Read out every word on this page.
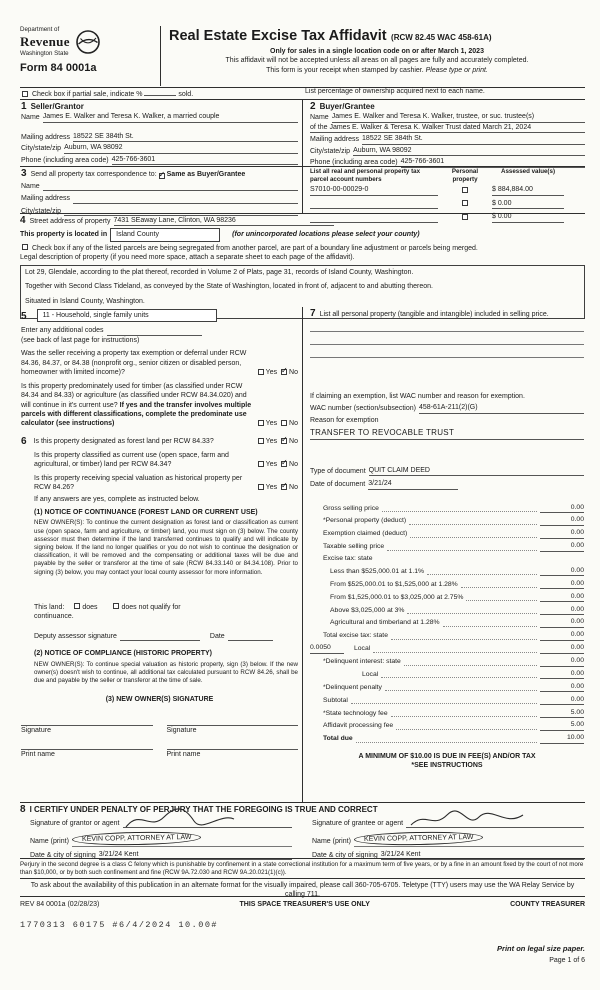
Department of
Revenue
Washington State
Form 84 0001a
Real Estate Excise Tax Affidavit (RCW 82.45 WAC 458-61A)
Only for sales in a single location code on or after March 1, 2023
This affidavit will not be accepted unless all areas on all pages are fully and accurately completed.
This form is your receipt when stamped by cashier. Please type or print.
Check box if partial sale, indicate %	sold.	List percentage of ownership acquired next to each name.
1 Seller/Grantor
Name James E. Walker and Teresa K. Walker, a married couple
Mailing address 18522 SE 384th St.
City/state/zip Auburn, WA 98092
Phone (including area code) 425-766-3601
2 Buyer/Grantee
Name James E. Walker and Teresa K. Walker, trustee, or suc. trustee(s)
of the James E. Walker & Teresa K. Walker Trust dated March 21, 2024
Mailing address 18522 SE 384th St.
City/state/zip Auburn, WA 98092
Phone (including area code) 425-766-3601
3 Send all property tax correspondence to: ✓ Same as Buyer/Grantee
Name
Mailing address
City/state/zip
List all real and personal property tax parcel account numbers
Personal property
Assessed value(s)
S7010-00-00029-0	$ 884,884.00
$ 0.00
$ 0.00
4 Street address of property 7431 SEaway Lane, Clinton, WA 98236
This property is located in	Island County	(for unincorporated locations please select your county)
Check box if any of the listed parcels are being segregated from another parcel, are part of a boundary line adjustment or parcels being merged.
Legal description of property (if you need more space, attach a separate sheet to each page of the affidavit).
Lot 29, Glendale, according to the plat thereof, recorded in Volume 2 of Plats, page 31, records of Island County, Washington.
Together with Second Class Tideland, as conveyed by the State of Washington, located in front of, adjacent to and abutting thereon.
Situated in Island County, Washington.
5	11 - Household, single family units
Enter any additional codes
(see back of last page for instructions)
Was the seller receiving a property tax exemption or deferral under RCW 84.36, 84.37, or 84.38 (nonprofit org., senior citizen or disabled person, homeowner with limited income)?	Yes ✓ No
Is this property predominately used for timber (as classified under RCW 84.34 and 84.33) or agriculture (as classified under RCW 84.34.020) and will continue in it's current use? If yes and the transfer involves multiple parcels with different classifications, complete the predominate use calculator (see instructions)	Yes No
6 Is this property designated as forest land per RCW 84.33?	Yes ✓ No
Is this property classified as current use (open space, farm and agricultural, or timber) land per RCW 84.34?	Yes ✓ No
Is this property receiving special valuation as historical property per RCW 84.26?	Yes ✓ No
If any answers are yes, complete as instructed below.
(1) NOTICE OF CONTINUANCE (FOREST LAND OR CURRENT USE)
NEW OWNER(S): To continue the current designation as forest land or classification as current use (open space, farm and agriculture, or timber) land, you must sign on (3) below. The county assessor must then determine if the land transferred continues to qualify and will indicate by signing below. If the land no longer qualifies or you do not wish to continue the designation or classification, it will be removed and the compensating or additional taxes will be due and payable by the seller or transferor at the time of sale (RCW 84.33.140 or 84.34.108). Prior to signing (3) below, you may contact your local county assessor for more information.
This land:	does	does not qualify for
continuance.
Deputy assessor signature	Date
(2) NOTICE OF COMPLIANCE (HISTORIC PROPERTY)
NEW OWNER(S): To continue special valuation as historic property, sign (3) below. If the new owner(s) doesn't wish to continue, all additional tax calculated pursuant to RCW 84.26, shall be due and payable by the seller or transferor at the time of sale.
(3) NEW OWNER(S) SIGNATURE
Signature	Signature
Print name	Print name
7 List all personal property (tangible and intangible) included in selling price.
If claiming an exemption, list WAC number and reason for exemption.
WAC number (section/subsection) 458-61A-211(2)(G)
Reason for exemption
TRANSFER TO REVOCABLE TRUST
Type of document QUIT CLAIM DEED
Date of document 3/21/24
Gross selling price	0.00
*Personal property (deduct)	0.00
Exemption claimed (deduct)	0.00
Taxable selling price	0.00
Excise tax: state
Less than $525,000.01 at 1.1%	0.00
From $525,000.01 to $1,525,000 at 1.28%	0.00
From $1,525,000.01 to $3,025,000 at 2.75%	0.00
Above $3,025,000 at 3%	0.00
Agricultural and timberland at 1.28%	0.00
Total excise tax: state	0.00
0.0050	Local	0.00
*Delinquent interest: state	0.00
Local	0.00
*Delinquent penalty	0.00
Subtotal	0.00
*State technology fee	5.00
Affidavit processing fee	5.00
Total due	10.00
A MINIMUM OF $10.00 IS DUE IN FEE(S) AND/OR TAX
*SEE INSTRUCTIONS
8 I CERTIFY UNDER PENALTY OF PERJURY THAT THE FOREGOING IS TRUE AND CORRECT
Signature of grantor or agent
Name (print)	KEVIN COPP, ATTORNEY AT LAW
Date & city of signing 3/21/24 Kent
Signature of grantee or agent
Name (print)	KEVIN COPP, ATTORNEY AT LAW
Date & city of signing 3/21/24 Kent
Perjury in the second degree is a class C felony which is punishable by confinement in a state correctional institution for a maximum term of five years, or by a fine in an amount fixed by the court of not more than $10,000, or by both such confinement and fine (RCW 9A.72.030 and RCW 9A.20.021(1)(c)).
To ask about the availability of this publication in an alternate format for the visually impaired, please call 360-705-6705. Teletype (TTY) users may use the WA Relay Service by calling 711.
REV 84 0001a (02/28/23)	THIS SPACE TREASURER'S USE ONLY	COUNTY TREASURER
1770313 60175 #6/4/2024 10.00#
Print on legal size paper.
Page 1 of 6
